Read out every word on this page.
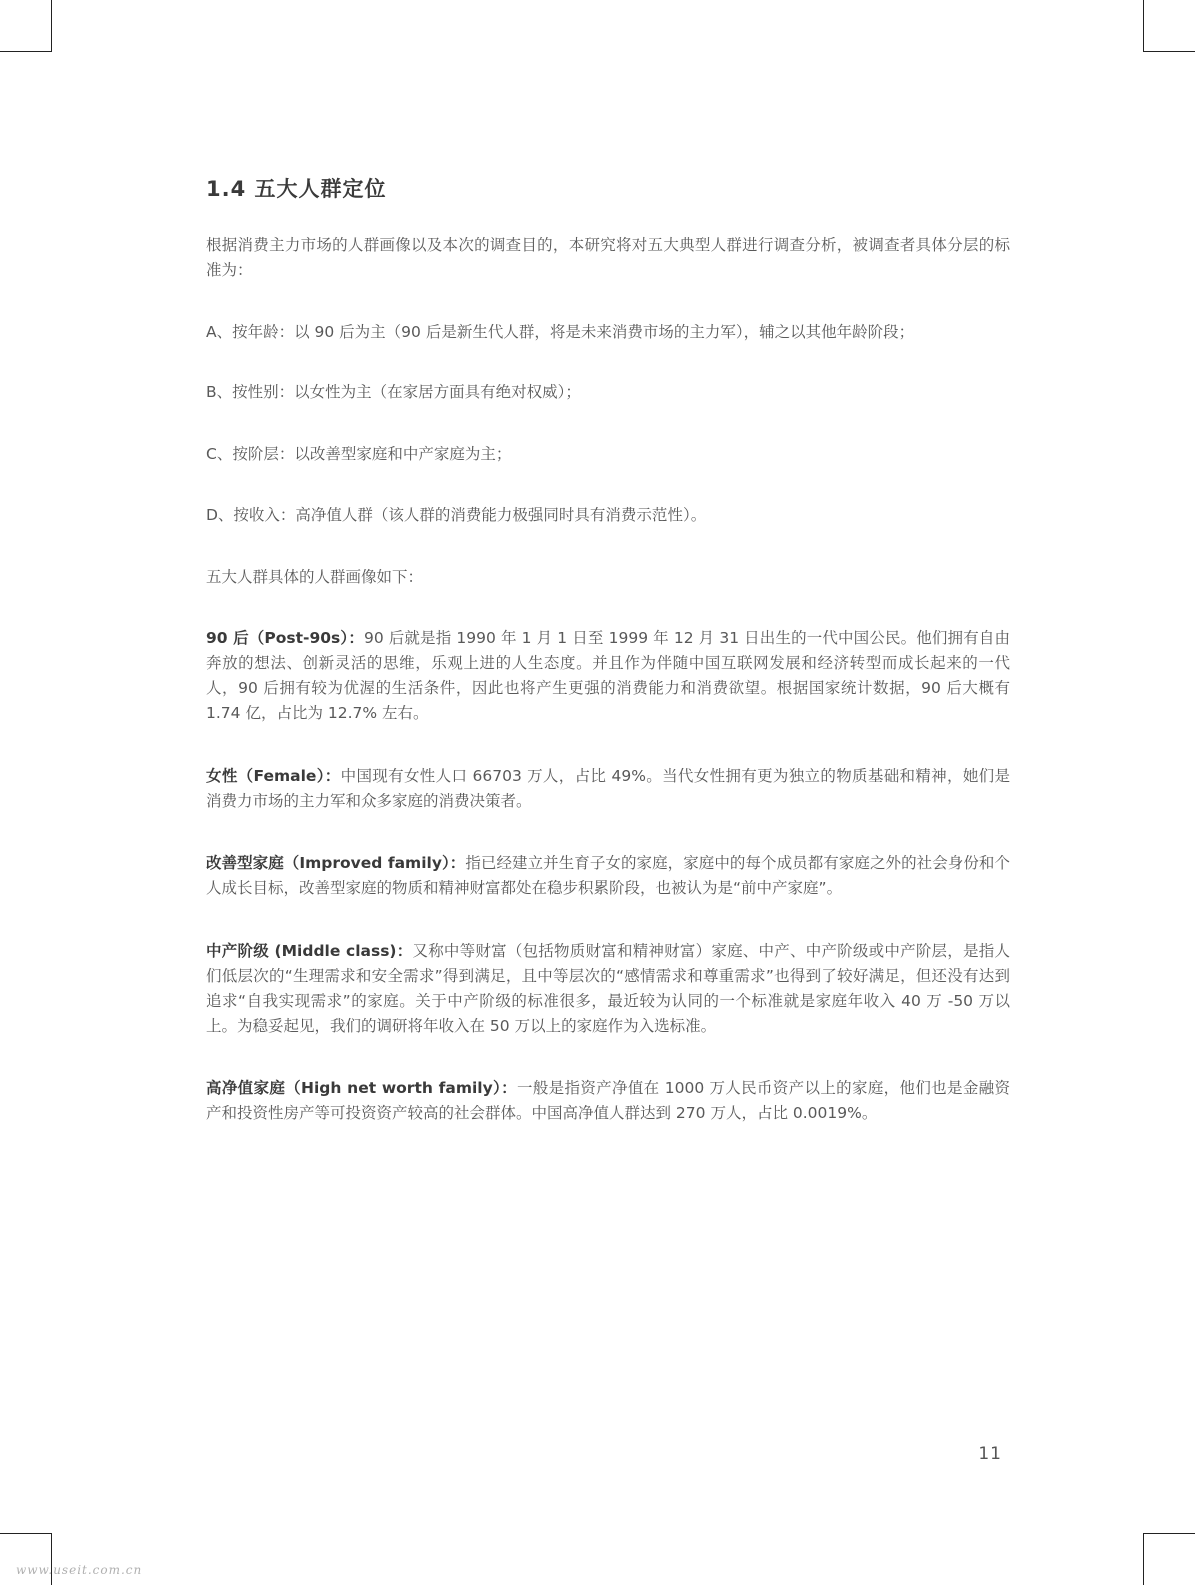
1.4 五大人群定位

根据消费主力市场的人群画像以及本次的调查目的，本研究将对五大典型人群进行调查分析，被调查者具体分层的标准为：

A、按年龄：以 90 后为主（90 后是新生代人群，将是未来消费市场的主力军），辅之以其他年龄阶段；

B、按性别：以女性为主（在家居方面具有绝对权威）；

C、按阶层：以改善型家庭和中产家庭为主；

D、按收入：高净值人群（该人群的消费能力极强同时具有消费示范性）。

五大人群具体的人群画像如下：

90 后（Post-90s）：90 后就是指 1990 年 1 月 1 日至 1999 年 12 月 31 日出生的一代中国公民。他们拥有自由奔放的想法、创新灵活的思维，乐观上进的人生态度。并且作为伴随中国互联网发展和经济转型而成长起来的一代人，90 后拥有较为优渥的生活条件，因此也将产生更强的消费能力和消费欲望。根据国家统计数据，90 后大概有 1.74 亿，占比为 12.7% 左右。

女性（Female）：中国现有女性人口 66703 万人，占比 49%。当代女性拥有更为独立的物质基础和精神，她们是消费力市场的主力军和众多家庭的消费决策者。

改善型家庭（Improved family）：指已经建立并生育子女的家庭，家庭中的每个成员都有家庭之外的社会身份和个人成长目标，改善型家庭的物质和精神财富都处在稳步积累阶段，也被认为是“前中产家庭”。

中产阶级 (Middle class)：又称中等财富（包括物质财富和精神财富）家庭、中产、中产阶级或中产阶层，是指人们低层次的“生理需求和安全需求”得到满足，且中等层次的“感情需求和尊重需求”也得到了较好满足，但还没有达到追求“自我实现需求”的家庭。关于中产阶级的标准很多，最近较为认同的一个标准就是家庭年收入 40 万 -50 万以上。为稳妥起见，我们的调研将年收入在 50 万以上的家庭作为入选标准。

高净值家庭（High net worth family）：一般是指资产净值在 1000 万人民币资产以上的家庭，他们也是金融资产和投资性房产等可投资资产较高的社会群体。中国高净值人群达到 270 万人，占比 0.0019%。

11
www.useit.com.cn
